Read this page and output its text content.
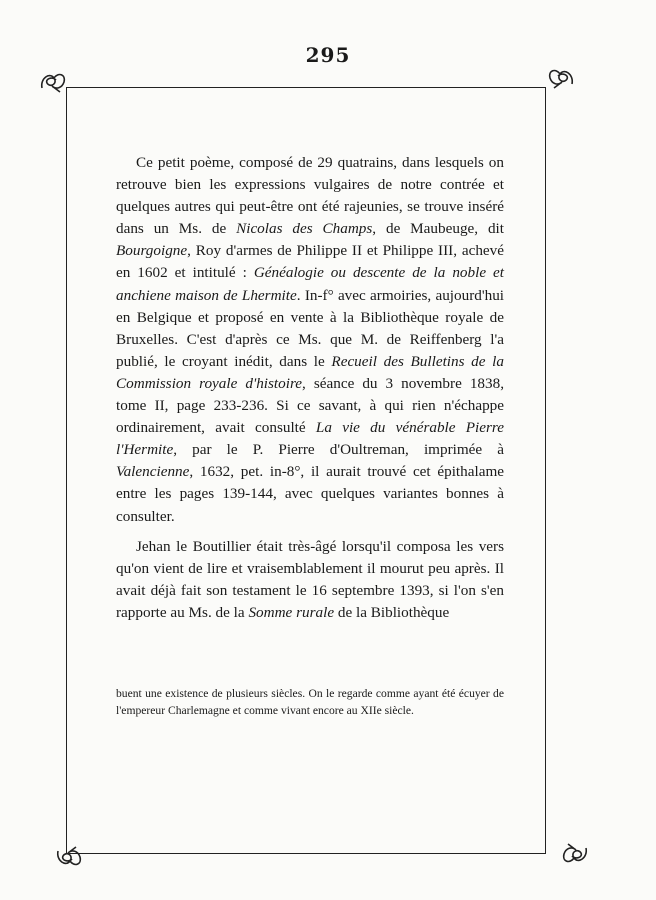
295

Ce petit poème, composé de 29 quatrains, dans lesquels on retrouve bien les expressions vulgaires de notre contrée et quelques autres qui peut-être ont été rajeunies, se trouve inséré dans un Ms. de Nicolas des Champs, de Maubeuge, dit Bourgoigne, Roy d'armes de Philippe II et Philippe III, achevé en 1602 et intitulé : Généalogie ou descente de la noble et anchiene maison de Lhermite. In-f° avec armoiries, aujourd'hui en Belgique et proposé en vente à la Bibliothèque royale de Bruxelles. C'est d'après ce Ms. que M. de Reiffenberg l'a publié, le croyant inédit, dans le Recueil des Bulletins de la Commission royale d'histoire, séance du 3 novembre 1838, tome II, page 233-236. Si ce savant, à qui rien n'échappe ordinairement, avait consulté La vie du vénérable Pierre l'Hermite, par le P. Pierre d'Oultreman, imprimée à Valencienne, 1632, pet. in-8°, il aurait trouvé cet épithalame entre les pages 139-144, avec quelques variantes bonnes à consulter.

Jehan le Boutillier était très-âgé lorsqu'il composa les vers qu'on vient de lire et vraisemblablement il mourut peu après. Il avait déjà fait son testament le 16 septembre 1393, si l'on s'en rapporte au Ms. de la Somme rurale de la Bibliothèque

buent une existence de plusieurs siècles. On le regarde comme ayant été écuyer de l'empereur Charlemagne et comme vivant encore au XIIe siècle.
